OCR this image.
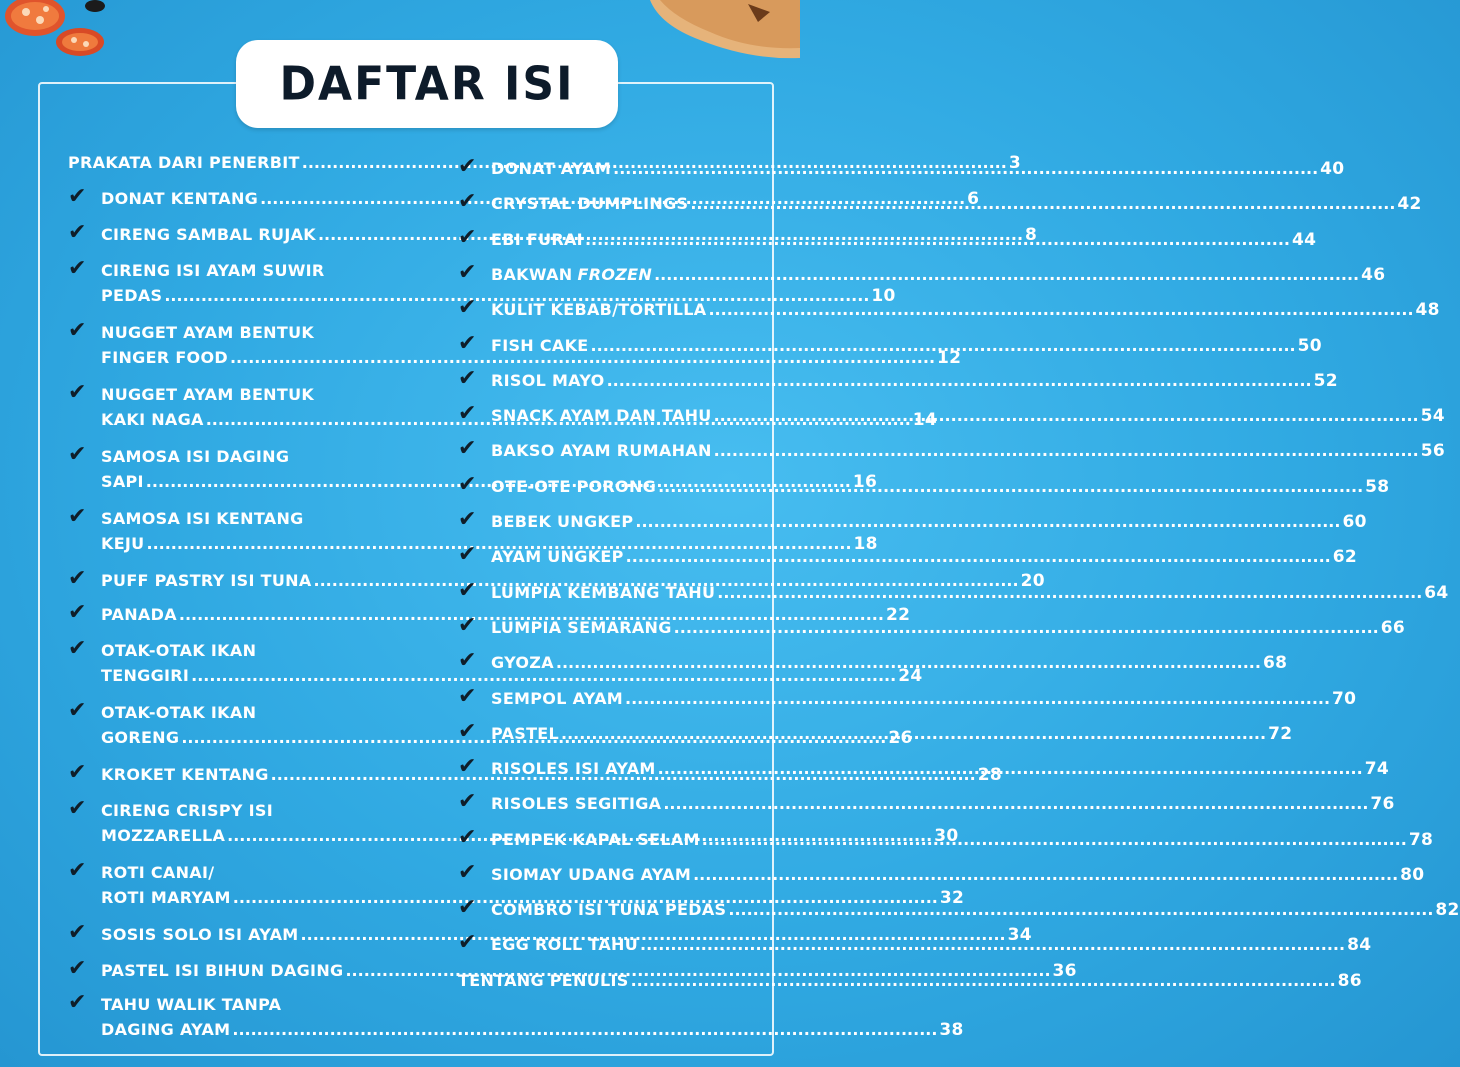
DAFTAR ISI
PRAKATA DARI PENERBIT .....	3
✔ DONAT KENTANG .....	6
✔ CIRENG SAMBAL RUJAK .....	8
✔ CIRENG ISI AYAM SUWIR
PEDAS .....	10
✔ NUGGET AYAM BENTUK
FINGER FOOD .....	12
✔ NUGGET AYAM BENTUK
KAKI NAGA .....	14
✔ SAMOSA ISI DAGING
SAPI .....	16
✔ SAMOSA ISI KENTANG
KEJU .....	18
✔ PUFF PASTRY ISI TUNA .....	20
✔ PANADA .....	22
✔ OTAK-OTAK IKAN
TENGGIRI .....	24
✔ OTAK-OTAK IKAN
GORENG .....	26
✔ KROKET KENTANG .....	28
✔ CIRENG CRISPY ISI
MOZZARELLA .....	30
✔ ROTI CANAI/
ROTI MARYAM .....	32
✔ SOSIS SOLO ISI AYAM .....	34
✔ PASTEL ISI BIHUN DAGING .....	36
✔ TAHU WALIK TANPA
DAGING AYAM .....	38
✔ DONAT AYAM .....	40
✔ CRYSTAL DUMPLINGS .....	42
✔ EBI FURAI .....	44
✔ BAKWAN FROZEN .....	46
✔ KULIT KEBAB/TORTILLA .....	48
✔ FISH CAKE .....	50
✔ RISOL MAYO .....	52
✔ SNACK AYAM DAN TAHU .....	54
✔ BAKSO AYAM RUMAHAN .....	56
✔ OTE-OTE PORONG .....	58
✔ BEBEK UNGKEP .....	60
✔ AYAM UNGKEP .....	62
✔ LUMPIA KEMBANG TAHU .....	64
✔ LUMPIA SEMARANG .....	66
✔ GYOZA .....	68
✔ SEMPOL AYAM .....	70
✔ PASTEL .....	72
✔ RISOLES ISI AYAM .....	74
✔ RISOLES SEGITIGA .....	76
✔ PEMPEK KAPAL SELAM .....	78
✔ SIOMAY UDANG AYAM .....	80
✔ COMBRO ISI TUNA PEDAS .....	82
✔ EGG ROLL TAHU .....	84
TENTANG PENULIS .....	86
